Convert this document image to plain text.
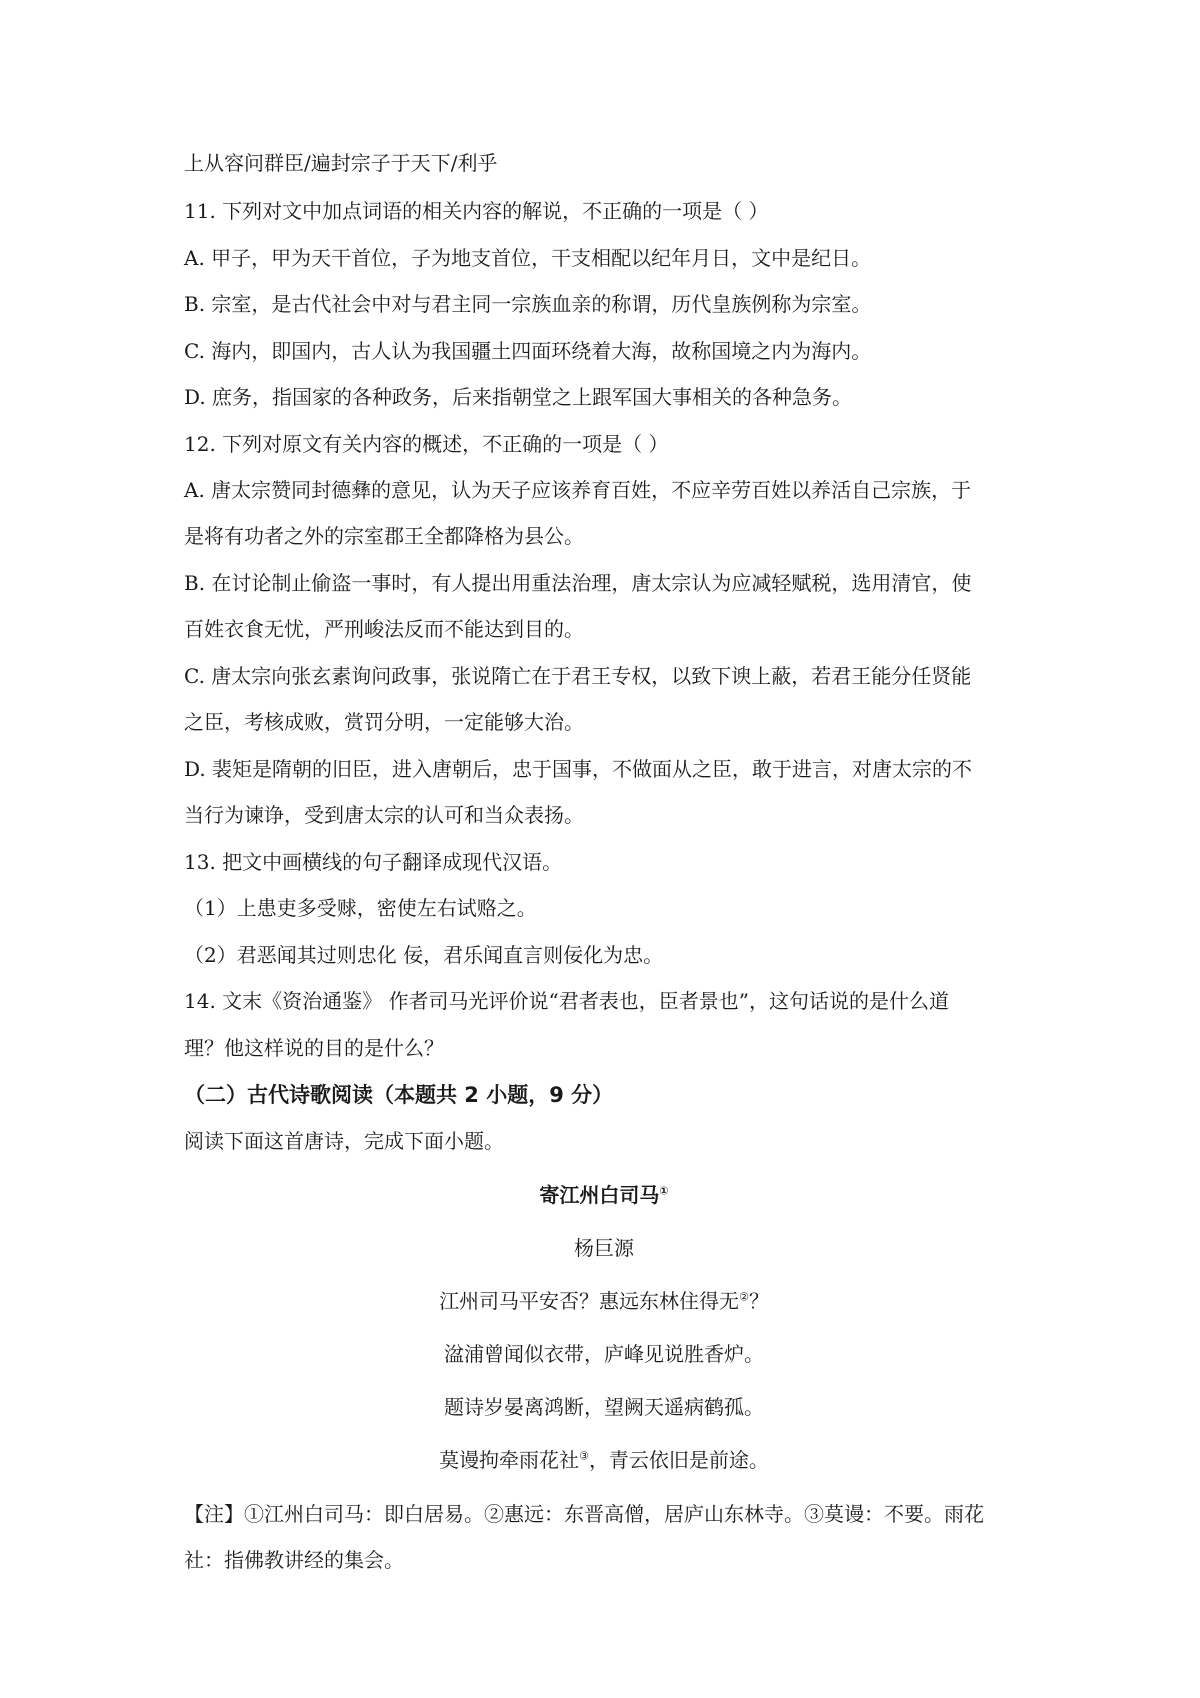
上从容问群臣/遍封宗子于天下/利乎
11. 下列对文中加点词语的相关内容的解说，不正确的一项是（ ）
A. 甲子，甲为天干首位，子为地支首位，干支相配以纪年月日，文中是纪日。
B. 宗室，是古代社会中对与君主同一宗族血亲的称谓，历代皇族例称为宗室。
C. 海内，即国内，古人认为我国疆土四面环绕着大海，故称国境之内为海内。
D. 庶务，指国家的各种政务，后来指朝堂之上跟军国大事相关的各种急务。
12. 下列对原文有关内容的概述，不正确的一项是（ ）
A. 唐太宗赞同封德彝的意见，认为天子应该养育百姓，不应辛劳百姓以养活自己宗族，于
是将有功者之外的宗室郡王全都降格为县公。
B. 在讨论制止偷盗一事时，有人提出用重法治理，唐太宗认为应减轻赋税，选用清官，使
百姓衣食无忧，严刑峻法反而不能达到目的。
C. 唐太宗向张玄素询问政事，张说隋亡在于君王专权，以致下谀上蔽，若君王能分任贤能
之臣，考核成败，赏罚分明，一定能够大治。
D. 裴矩是隋朝的旧臣，进入唐朝后，忠于国事，不做面从之臣，敢于进言，对唐太宗的不
当行为谏诤，受到唐太宗的认可和当众表扬。
13. 把文中画横线的句子翻译成现代汉语。
（1）上患吏多受赇，密使左右试赂之。
（2）君恶闻其过则忠化 佞，君乐闻直言则佞化为忠。
14. 文末《资治通鉴》 作者司马光评价说“君者表也，臣者景也”，这句话说的是什么道
理？他这样说的目的是什么？
（二）古代诗歌阅读（本题共 2 小题，9 分）
阅读下面这首唐诗，完成下面小题。
寄江州白司马①
杨巨源
江州司马平安否？惠远东林住得无②？
湓浦曾闻似衣带，庐峰见说胜香炉。
题诗岁晏离鸿断，望阙天遥病鹤孤。
莫谩拘牵雨花社③，青云依旧是前途。
【注】①江州白司马：即白居易。②惠远：东晋高僧，居庐山东林寺。③莫谩：不要。雨花
社：指佛教讲经的集会。
